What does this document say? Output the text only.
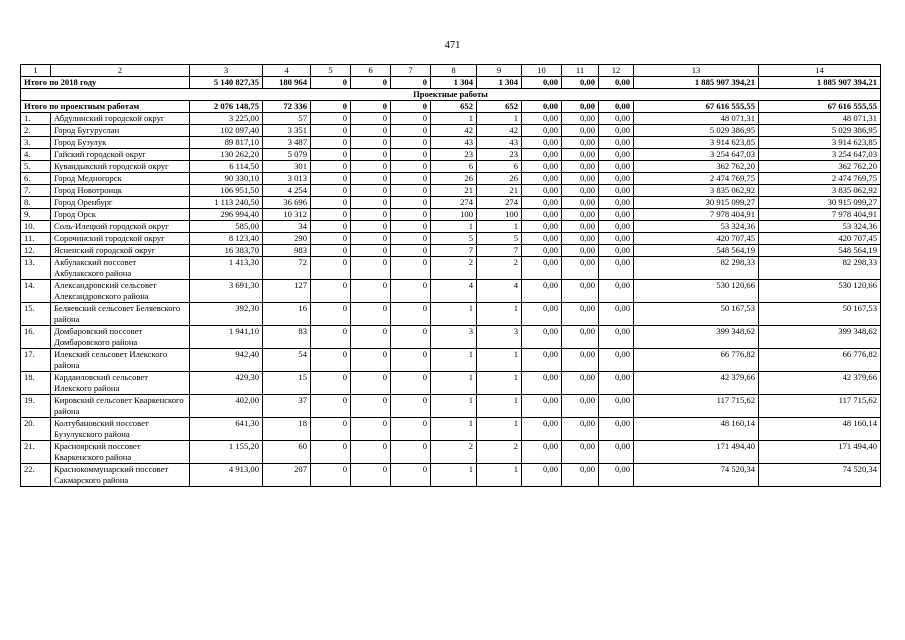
471
1	2	3	4	5	6	7	8	9	10	11	12	13	14
Итого по 2018 году		5 140 827,35	180 964	0	0	0	1 304	1 304	0,00	0,00	0,00	1 885 907 394,21	1 885 907 394,21
Проектные работы													
Итого по проектным работам		2 076 148,75	72 336	0	0	0	652	652	0,00	0,00	0,00	67 616 555,55	67 616 555,55
1.	Абдулинский городской округ	3 225,00	57	0	0	0	1	1	0,00	0,00	0,00	48 071,31	48 071,31
2.	Город Бугуруслан	102 097,40	3 351	0	0	0	42	42	0,00	0,00	0,00	5 029 386,95	5 029 386,95
3.	Город Бузулук	89 817,10	3 487	0	0	0	43	43	0,00	0,00	0,00	3 914 623,85	3 914 623,85
4.	Гайский городской округ	130 262,20	5 079	0	0	0	23	23	0,00	0,00	0,00	3 254 647,03	3 254 647,03
5.	Кувандыкский городской округ	6 114,50	301	0	0	0	6	6	0,00	0,00	0,00	362 762,20	362 762,20
6.	Город Медногорск	90 330,10	3 013	0	0	0	26	26	0,00	0,00	0,00	2 474 769,75	2 474 769,75
7.	Город Новотроицк	106 951,50	4 254	0	0	0	21	21	0,00	0,00	0,00	3 835 062,92	3 835 062,92
8.	Город Оренбург	1 113 240,50	36 696	0	0	0	274	274	0,00	0,00	0,00	30 915 099,27	30 915 099,27
9.	Город Орск	296 994,40	10 312	0	0	0	100	100	0,00	0,00	0,00	7 978 404,91	7 978 404,91
10.	Соль-Илецкий городской округ	585,00	34	0	0	0	1	1	0,00	0,00	0,00	53 324,36	53 324,36
11.	Сорочинский городской округ	8 123,40	290	0	0	0	5	5	0,00	0,00	0,00	420 707,45	420 707,45
12.	Ясненский городской округ	16 383,70	983	0	0	0	7	7	0,00	0,00	0,00	548 564,19	548 564,19
13.	Акбулакский поссовет Акбулакского района	1 413,30	72	0	0	0	2	2	0,00	0,00	0,00	82 298,33	82 298,33
14.	Александровский сельсовет Александровского района	3 691,30	127	0	0	0	4	4	0,00	0,00	0,00	530 120,66	530 120,66
15.	Беляевский сельсовет Беляевского района	392,30	16	0	0	0	1	1	0,00	0,00	0,00	50 167,53	50 167,53
16.	Домбаровский поссовет Домбаровского района	1 941,10	83	0	0	0	3	3	0,00	0,00	0,00	399 348,62	399 348,62
17.	Илекский сельсовет Илекского района	942,40	54	0	0	0	1	1	0,00	0,00	0,00	66 776,82	66 776,82
18.	Кардаиловский сельсовет Илекского района	429,30	15	0	0	0	1	1	0,00	0,00	0,00	42 379,66	42 379,66
19.	Кировский сельсовет Кваркенского района	402,00	37	0	0	0	1	1	0,00	0,00	0,00	117 715,62	117 715,62
20.	Колтубановский поссовет Бузулукского района	641,30	18	0	0	0	1	1	0,00	0,00	0,00	48 160,14	48 160,14
21.	Красноярский поссовет Кваркенского района	1 155,20	60	0	0	0	2	2	0,00	0,00	0,00	171 494,40	171 494,40
22.	Краснокоммунарский поссовет Сакмарского района	4 913,00	207	0	0	0	1	1	0,00	0,00	0,00	74 520,34	74 520,34
